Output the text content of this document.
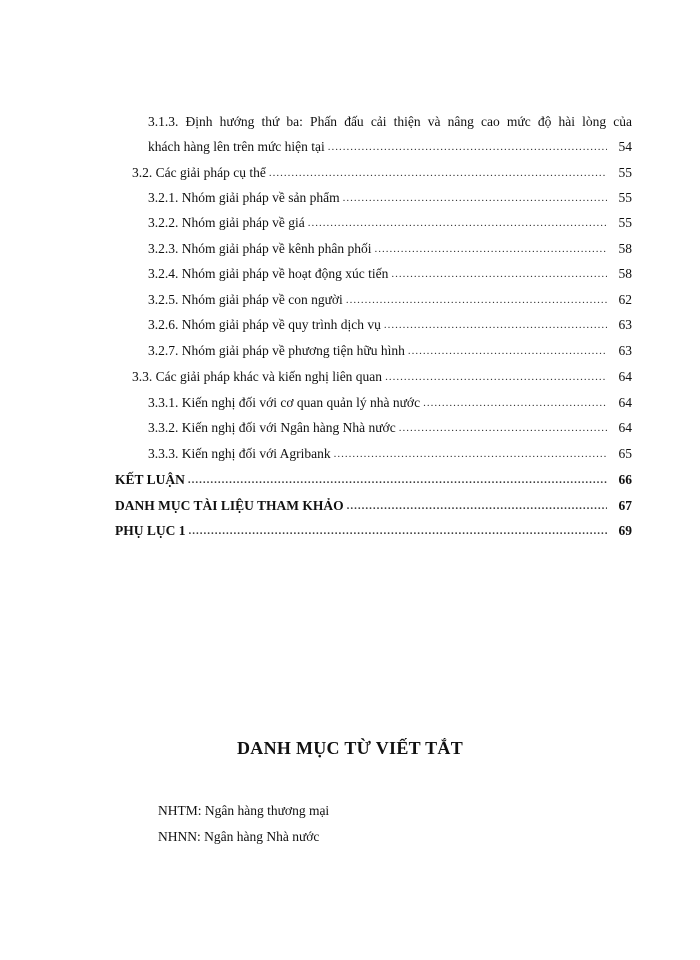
3.1.3. Định hướng thứ ba: Phấn đấu cải thiện và nâng cao mức độ hài lòng của
khách hàng lên trên mức hiện tại .....	54
3.2. Các giải pháp cụ thể .....	55
3.2.1. Nhóm giải pháp về sản phẩm .....	55
3.2.2. Nhóm giải pháp về giá .....	55
3.2.3. Nhóm giải pháp về kênh phân phối .....	58
3.2.4. Nhóm giải pháp về hoạt động xúc tiến .....	58
3.2.5. Nhóm giải pháp về con người .....	62
3.2.6. Nhóm giải pháp về quy trình dịch vụ .....	63
3.2.7. Nhóm giải pháp về phương tiện hữu hình .....	63
3.3. Các giải pháp khác và kiến nghị liên quan .....	64
3.3.1. Kiến nghị đối với cơ quan quản lý nhà nước .....	64
3.3.2. Kiến nghị đối với Ngân hàng Nhà nước .....	64
3.3.3. Kiến nghị đối với Agribank .....	65
KẾT LUẬN .....	66
DANH MỤC TÀI LIỆU THAM KHẢO .....	67
PHỤ LỤC 1 .....	69
DANH MỤC TỪ VIẾT TẮT
NHTM: Ngân hàng thương mại
NHNN: Ngân hàng Nhà nước
